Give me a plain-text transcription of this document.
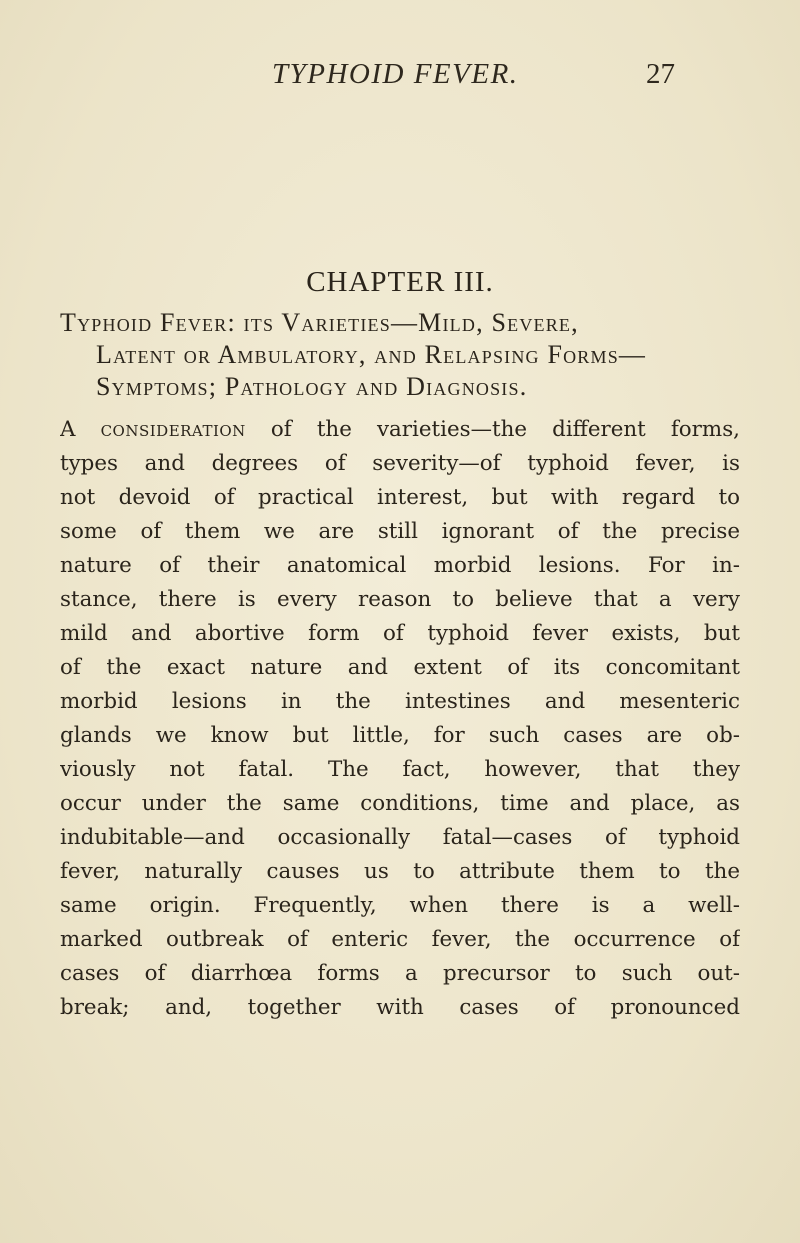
TYPHOID FEVER.	27
CHAPTER III.
Typhoid Fever: its Varieties—Mild, Severe,
Latent or Ambulatory, and Relapsing Forms—
Symptoms; Pathology and Diagnosis.
A consideration of the varieties—the different forms,
types and degrees of severity—of typhoid fever, is
not devoid of practical interest, but with regard to
some of them we are still ignorant of the precise
nature of their anatomical morbid lesions. For in-
stance, there is every reason to believe that a very
mild and abortive form of typhoid fever exists, but
of the exact nature and extent of its concomitant
morbid lesions in the intestines and mesenteric
glands we know but little, for such cases are ob-
viously not fatal. The fact, however, that they
occur under the same conditions, time and place, as
indubitable—and occasionally fatal—cases of typhoid
fever, naturally causes us to attribute them to the
same origin. Frequently, when there is a well-
marked outbreak of enteric fever, the occurrence of
cases of diarrhœa forms a precursor to such out-
break; and, together with cases of pronounced
